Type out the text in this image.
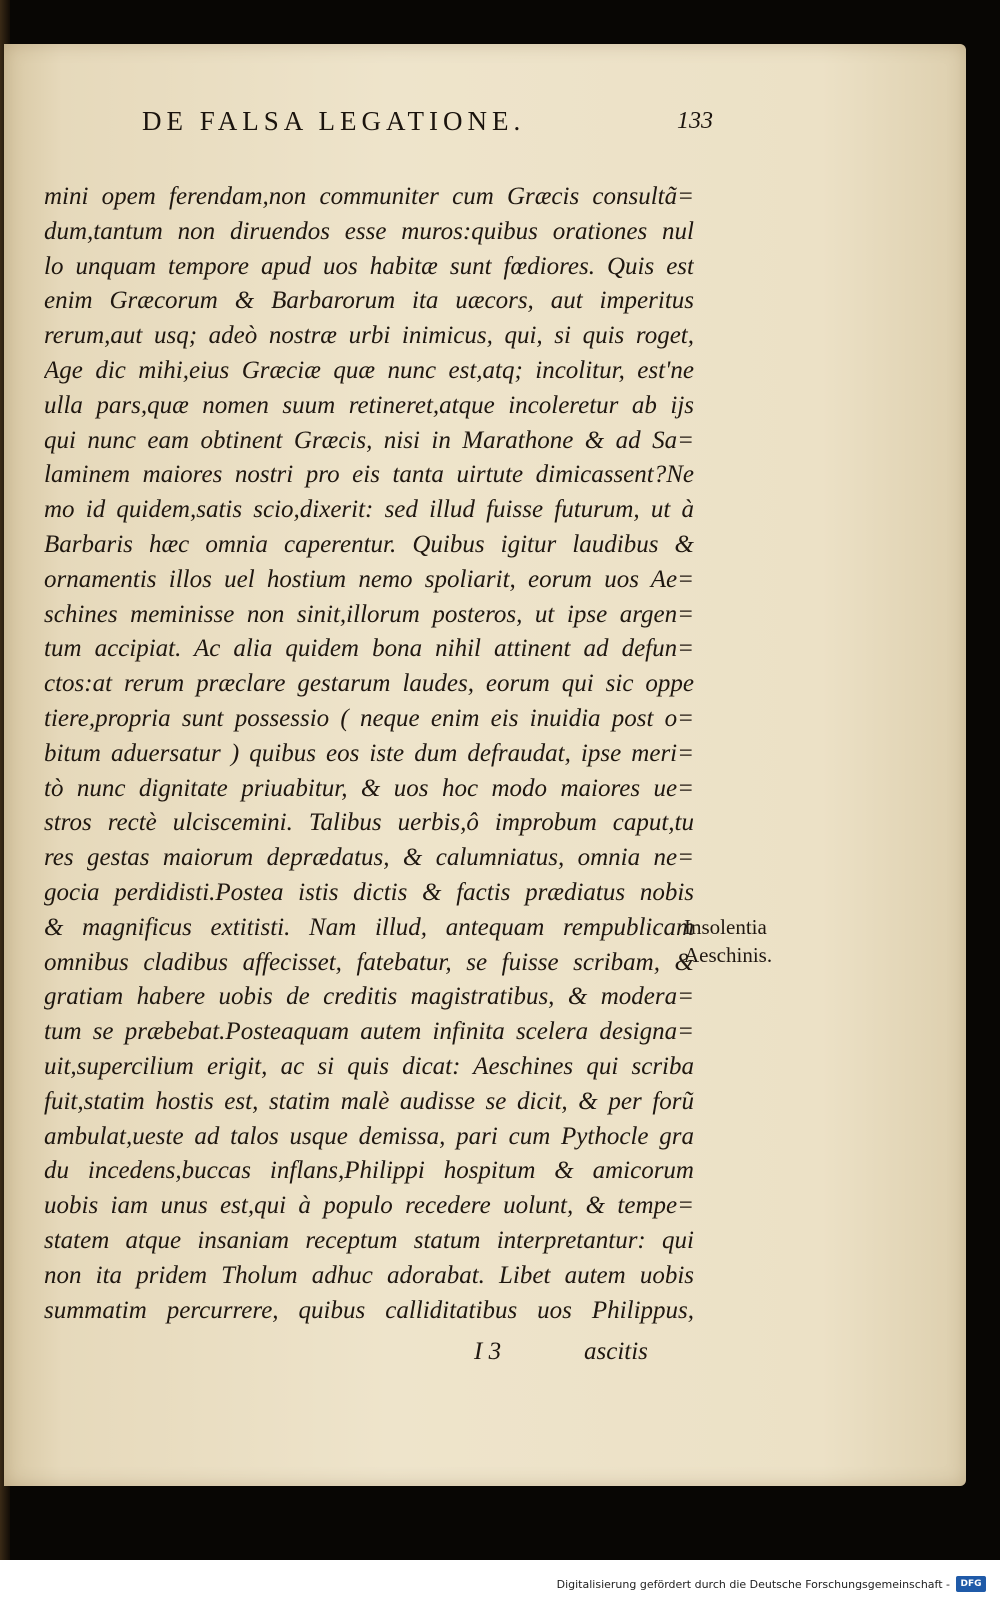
DE FALSA LEGATIONE.	133
mini opem ferendam,non communiter cum Græcis consultã=
dum,tantum non diruendos esse muros:quibus orationes nul
lo unquam tempore apud uos habitæ sunt fœdiores. Quis est
enim Græcorum & Barbarorum ita uæcors, aut imperitus
rerum,aut usq; adeò nostræ urbi inimicus, qui, si quis roget,
Age dic mihi,eius Græciæ quæ nunc est,atq; incolitur, est'ne
ulla pars,quæ nomen suum retineret,atque incoleretur ab ijs
qui nunc eam obtinent Græcis, nisi in Marathone & ad Sa=
laminem maiores nostri pro eis tanta uirtute dimicassent?Ne
mo id quidem,satis scio,dixerit: sed illud fuisse futurum, ut à
Barbaris hæc omnia caperentur. Quibus igitur laudibus &
ornamentis illos uel hostium nemo spoliarit, eorum uos Ae=
schines meminisse non sinit,illorum posteros, ut ipse argen=
tum accipiat. Ac alia quidem bona nihil attinent ad defun=
ctos:at rerum præclare gestarum laudes, eorum qui sic oppe
tiere,propria sunt possessio ( neque enim eis inuidia post o=
bitum aduersatur ) quibus eos iste dum defraudat, ipse meri=
tò nunc dignitate priuabitur, & uos hoc modo maiores ue=
stros rectè ulciscemini. Talibus uerbis,ô improbum caput,tu
res gestas maiorum deprædatus, & calumniatus, omnia ne=
gocia perdidisti.Postea istis dictis & factis prædiatus nobis
& magnificus extitisti. Nam illud, antequam rempublicam
omnibus cladibus affecisset, fatebatur, se fuisse scribam, &
gratiam habere uobis de creditis magistratibus, & modera=
tum se præbebat.Posteaquam autem infinita scelera designa=
uit,supercilium erigit, ac si quis dicat: Aeschines qui scriba
fuit,statim hostis est, statim malè audisse se dicit, & per forũ
ambulat,ueste ad talos usque demissa, pari cum Pythocle gra
du incedens,buccas inflans,Philippi hospitum & amicorum
uobis iam unus est,qui à populo recedere uolunt, & tempe=
statem atque insaniam receptum statum interpretantur: qui
non ita pridem Tholum adhuc adorabat. Libet autem uobis
summatim percurrere, quibus calliditatibus uos Philippus,
Insolentia
Aeschinis.
I 3	ascitis
Digitalisierung gefördert durch die Deutsche Forschungsgemeinschaft -	DFG
